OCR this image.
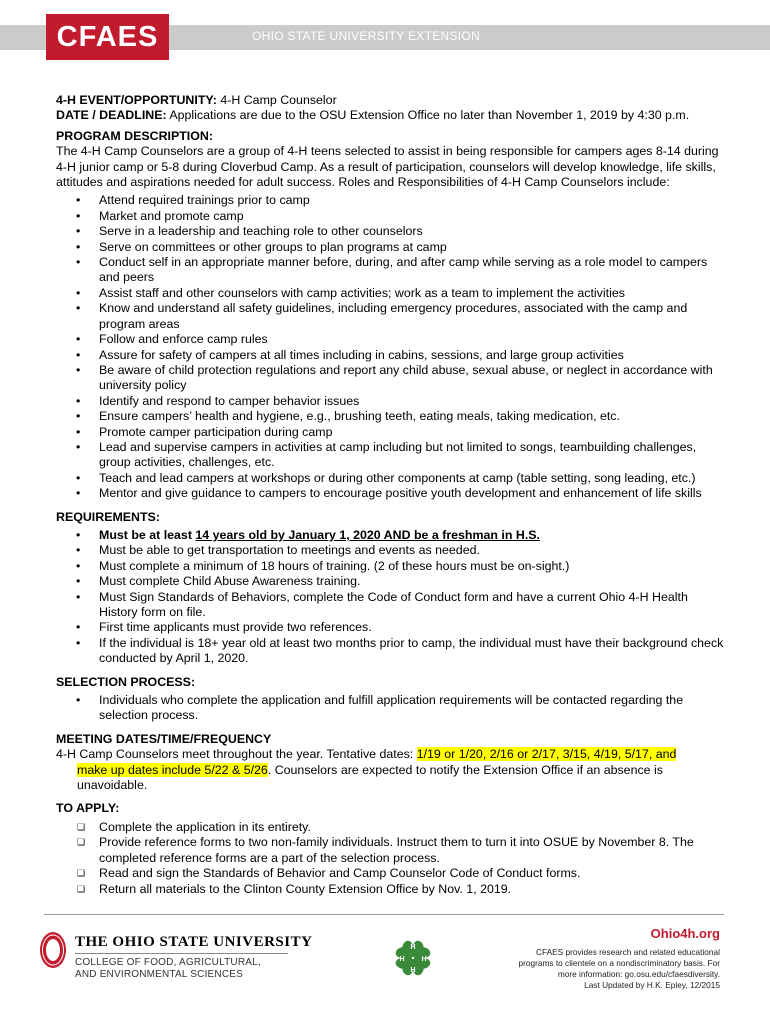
CFAES	OHIO STATE UNIVERSITY EXTENSION

4-H EVENT/OPPORTUNITY: 4-H Camp Counselor

DATE / DEADLINE: Applications are due to the OSU Extension Office no later than November 1, 2019 by 4:30 p.m.

PROGRAM DESCRIPTION:

The 4-H Camp Counselors are a group of 4-H teens selected to assist in being responsible for campers ages 8-14 during 4-H junior camp or 5-8 during Cloverbud Camp. As a result of participation, counselors will develop knowledge, life skills, attitudes and aspirations needed for adult success. Roles and Responsibilities of 4-H Camp Counselors include:

• Attend required trainings prior to camp
• Market and promote camp
• Serve in a leadership and teaching role to other counselors
• Serve on committees or other groups to plan programs at camp
• Conduct self in an appropriate manner before, during, and after camp while serving as a role model to campers and peers
• Assist staff and other counselors with camp activities; work as a team to implement the activities
• Know and understand all safety guidelines, including emergency procedures, associated with the camp and program areas
• Follow and enforce camp rules
• Assure for safety of campers at all times including in cabins, sessions, and large group activities
• Be aware of child protection regulations and report any child abuse, sexual abuse, or neglect in accordance with university policy
• Identify and respond to camper behavior issues
• Ensure campers’ health and hygiene, e.g., brushing teeth, eating meals, taking medication, etc.
• Promote camper participation during camp
• Lead and supervise campers in activities at camp including but not limited to songs, teambuilding challenges, group activities, challenges, etc.
• Teach and lead campers at workshops or during other components at camp (table setting, song leading, etc.)
• Mentor and give guidance to campers to encourage positive youth development and enhancement of life skills

REQUIREMENTS:

• Must be at least 14 years old by January 1, 2020 AND be a freshman in H.S.
• Must be able to get transportation to meetings and events as needed.
• Must complete a minimum of 18 hours of training. (2 of these hours must be on-sight.)
• Must complete Child Abuse Awareness training.
• Must Sign Standards of Behaviors, complete the Code of Conduct form and have a current Ohio 4-H Health History form on file.
• First time applicants must provide two references.
• If the individual is 18+ year old at least two months prior to camp, the individual must have their background check conducted by April 1, 2020.

SELECTION PROCESS:

• Individuals who complete the application and fulfill application requirements will be contacted regarding the selection process.

MEETING DATES/TIME/FREQUENCY

4-H Camp Counselors meet throughout the year. Tentative dates: 1/19 or 1/20, 2/16 or 2/17, 3/15, 4/19, 5/17, and

make up dates include 5/22 & 5/26. Counselors are expected to notify the Extension Office if an absence is
unavoidable.

TO APPLY:

❑ Complete the application in its entirety.
❑ Provide reference forms to two non-family individuals. Instruct them to turn it into OSUE by November 8. The completed reference forms are a part of the selection process.
❑ Read and sign the Standards of Behavior and Camp Counselor Code of Conduct forms.
❑ Return all materials to the Clinton County Extension Office by Nov. 1, 2019.
THE OHIO STATE UNIVERSITY
COLLEGE OF FOOD, AGRICULTURAL,
AND ENVIRONMENTAL SCIENCES
H
H
H H
Ohio4h.org
CFAES provides research and related educational
programs to clientele on a nondiscriminatory basis. For
more information: go.osu.edu/cfaesdiversity.
Last Updated by H.K. Epley, 12/2015
